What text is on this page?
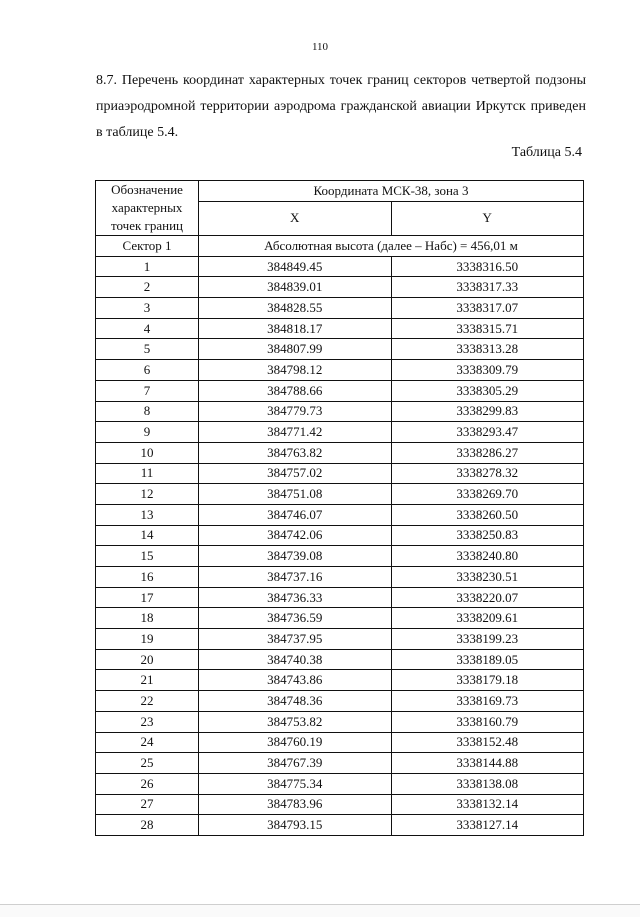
110
8.7. Перечень координат характерных точек границ секторов четвертой подзоны приаэродромной территории аэродрома гражданской авиации Иркутск приведен в таблице 5.4.
Таблица 5.4
Обозначение характерных точек границ	Координата МСК-38, зона 3	
	X	Y

Сектор 1	Абсолютная высота (далее – Набс) = 456,01 м	
1	384849.45	3338316.50
2	384839.01	3338317.33
3	384828.55	3338317.07
4	384818.17	3338315.71
5	384807.99	3338313.28
6	384798.12	3338309.79
7	384788.66	3338305.29
8	384779.73	3338299.83
9	384771.42	3338293.47
10	384763.82	3338286.27
11	384757.02	3338278.32
12	384751.08	3338269.70
13	384746.07	3338260.50
14	384742.06	3338250.83
15	384739.08	3338240.80
16	384737.16	3338230.51
17	384736.33	3338220.07
18	384736.59	3338209.61
19	384737.95	3338199.23
20	384740.38	3338189.05
21	384743.86	3338179.18
22	384748.36	3338169.73
23	384753.82	3338160.79
24	384760.19	3338152.48
25	384767.39	3338144.88
26	384775.34	3338138.08
27	384783.96	3338132.14
28	384793.15	3338127.14
